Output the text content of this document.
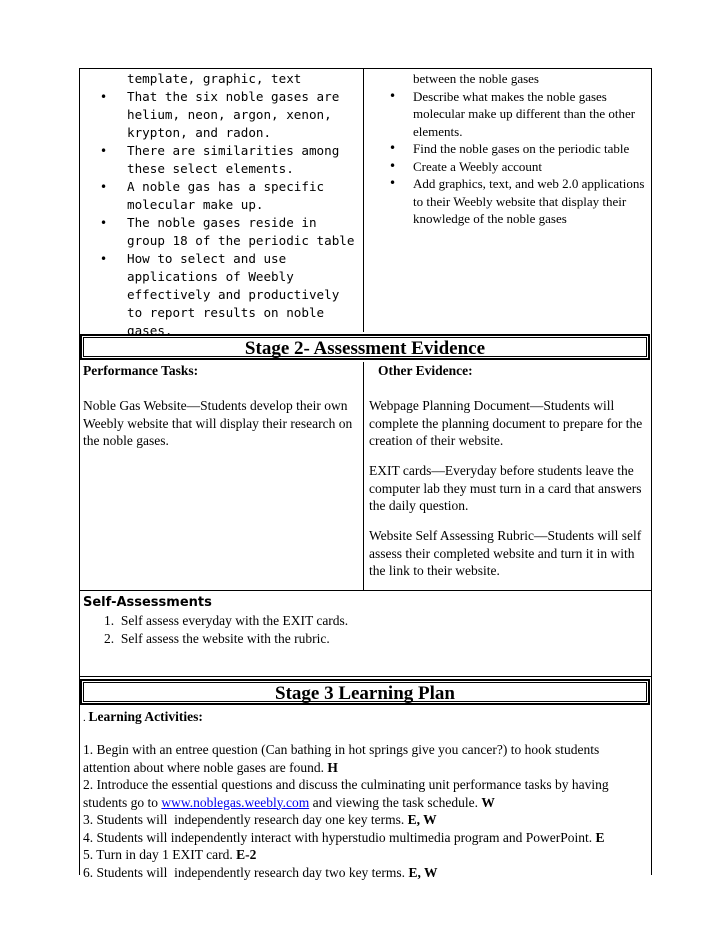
template, graphic, text
• That the six noble gases are helium, neon, argon, xenon, krypton, and radon.
• There are similarities among these select elements.
• A noble gas has a specific molecular make up.
• The noble gases reside in group 18 of the periodic table
• How to select and use applications of Weebly effectively and productively to report results on noble gases.
between the noble gases
• Describe what makes the noble gases molecular make up different than the other elements.
• Find the noble gases on the periodic table
• Create a Weebly account
• Add graphics, text, and web 2.0 applications to their Weebly website that display their knowledge of the noble gases
Stage 2- Assessment Evidence
Performance Tasks:
Noble Gas Website—Students develop their own Weebly website that will display their research on the noble gases.
Other Evidence:
Webpage Planning Document—Students will complete the planning document to prepare for the creation of their website.
EXIT cards—Everyday before students leave the computer lab they must turn in a card that answers the daily question.
Website Self Assessing Rubric—Students will self assess their completed website and turn it in with the link to their website.
Self-Assessments
1.  Self assess everyday with the EXIT cards.
2.  Self assess the website with the rubric.
Stage 3 Learning Plan
. Learning Activities:
1. Begin with an entree question (Can bathing in hot springs give you cancer?) to hook students attention about where noble gases are found. H
2. Introduce the essential questions and discuss the culminating unit performance tasks by having students go to www.noblegas.weebly.com and viewing the task schedule. W
3. Students will  independently research day one key terms. E, W
4. Students will independently interact with hyperstudio multimedia program and PowerPoint. E
5. Turn in day 1 EXIT card. E-2
6. Students will  independently research day two key terms. E, W
